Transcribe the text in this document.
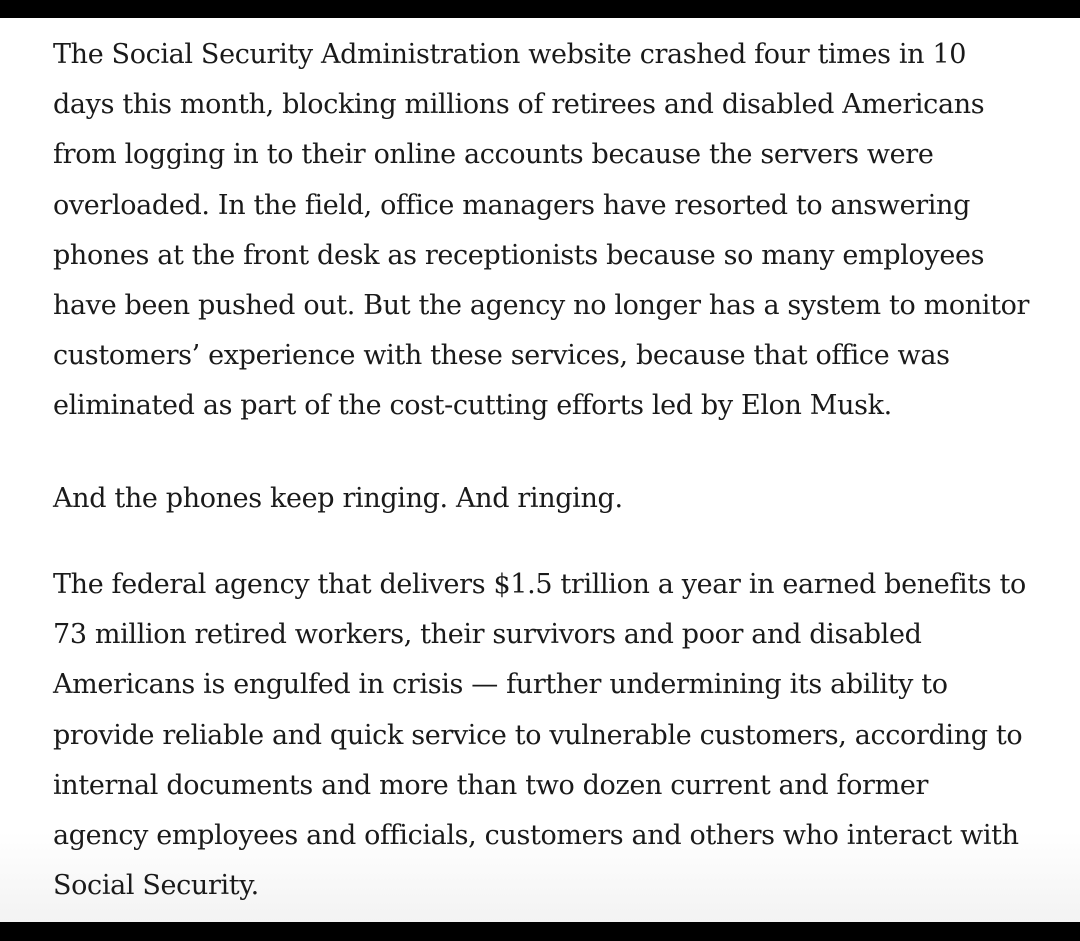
The Social Security Administration website crashed four times in 10
days this month, blocking millions of retirees and disabled Americans
from logging in to their online accounts because the servers were
overloaded. In the field, office managers have resorted to answering
phones at the front desk as receptionists because so many employees
have been pushed out. But the agency no longer has a system to monitor
customers’ experience with these services, because that office was
eliminated as part of the cost-cutting efforts led by Elon Musk.

And the phones keep ringing. And ringing.

The federal agency that delivers $1.5 trillion a year in earned benefits to
73 million retired workers, their survivors and poor and disabled
Americans is engulfed in crisis — further undermining its ability to
provide reliable and quick service to vulnerable customers, according to
internal documents and more than two dozen current and former
agency employees and officials, customers and others who interact with
Social Security.
